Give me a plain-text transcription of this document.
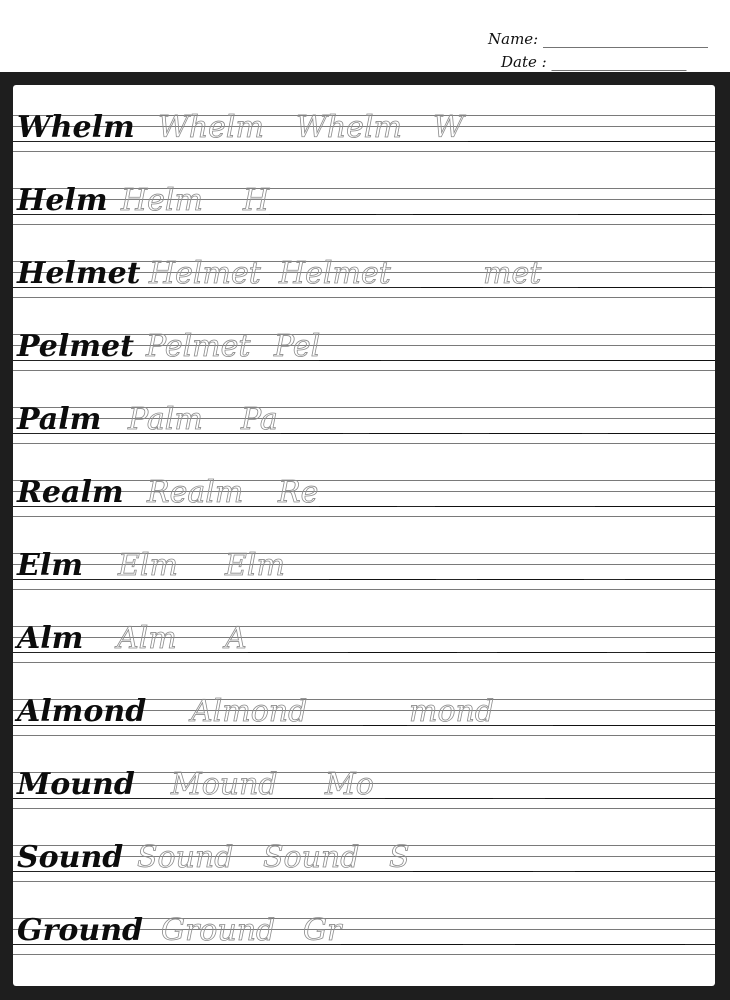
Name: ______________________
Date : __________________
Whelm Whelm Whelm W
Helm Helm H
Helmet Helmet Helmet	met
Pelmet Pelmet Pel
Palm Palm Pa
Realm Realm Re
Elm Elm Elm
Alm Alm A
Almond Almond	mond
Mound Mound Mo
Sound Sound Sound S
Ground Ground Gr
